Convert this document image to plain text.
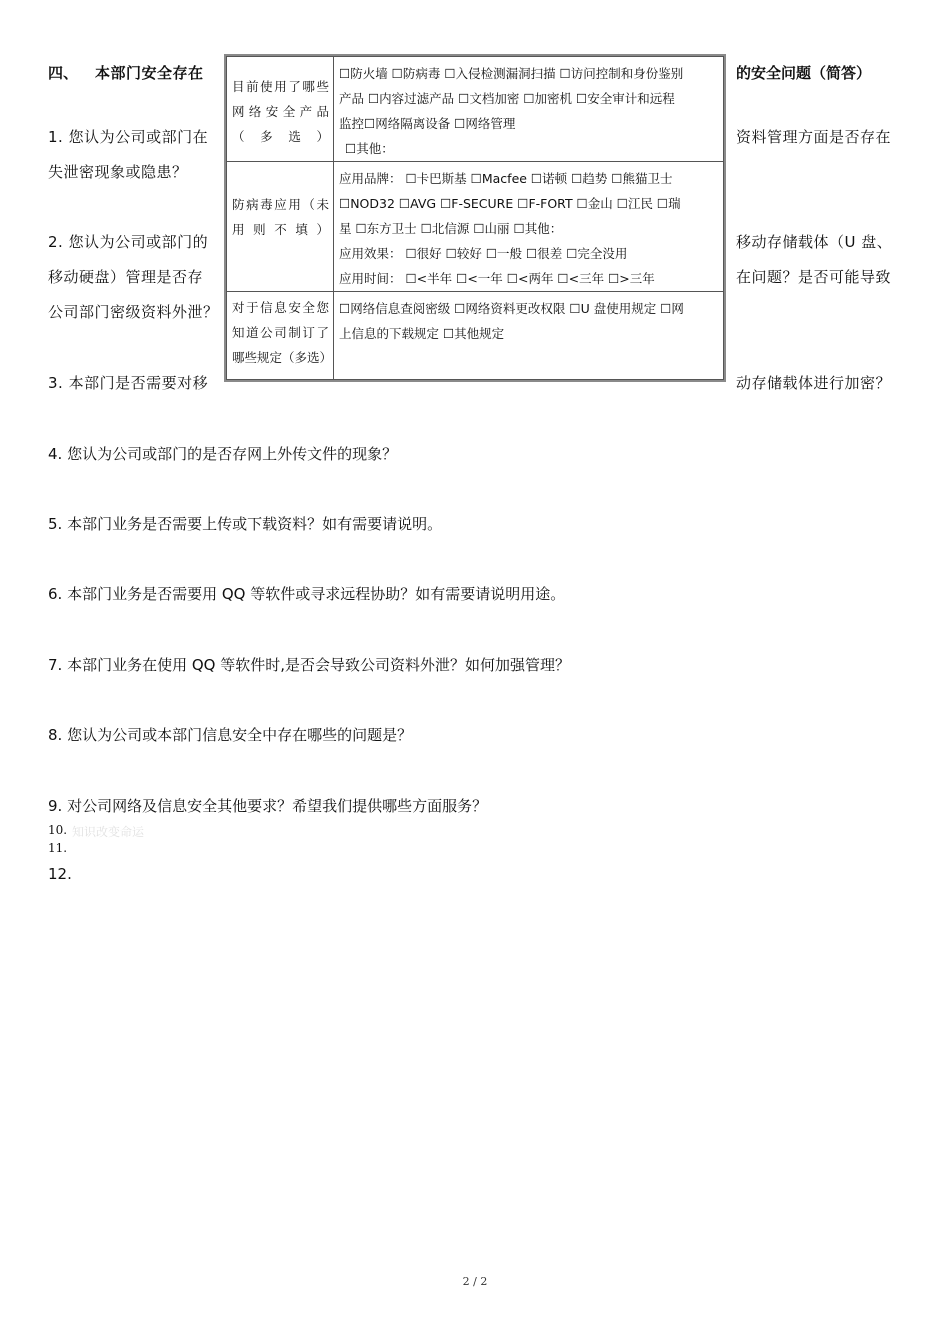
四、 本部门安全存在	的安全问题（简答）
1. 您认为公司或部门在
失泄密现象或隐患？
资料管理方面是否存在
2. 您认为公司或部门的
移动硬盘）管理是否存
公司部门密级资料外泄？
移动存储载体（U 盘、
在问题？是否可能导致
3. 本部门是否需要对移	动存储载体进行加密？
目前使用了哪些网络安全产品（多选）	☐防火墙 ☐防病毒 ☐入侵检测漏洞扫描 ☐访问控制和身份鉴别
产品 ☐内容过滤产品 ☐文档加密 ☐加密机 ☐安全审计和远程
监控☐网络隔离设备 ☐网络管理
☐其他：

防病毒应用（未用则不填）	应用品牌： ☐卡巴斯基 ☐Macfee ☐诺顿 ☐趋势 ☐熊猫卫士
☐NOD32 ☐AVG ☐F-SECURE ☐F-FORT ☐金山 ☐江民 ☐瑞
星 ☐东方卫士 ☐北信源 ☐山丽 ☐其他：
应用效果： ☐很好 ☐较好 ☐一般 ☐很差 ☐完全没用
应用时间： ☐<半年 ☐<一年 ☐<两年 ☐<三年 ☐>三年

对于信息安全您知道公司制订了哪些规定（多选）	☐网络信息查阅密级 ☐网络资料更改权限 ☐U 盘使用规定 ☐网
上信息的下载规定 ☐其他规定
4. 您认为公司或部门的是否存网上外传文件的现象？
5. 本部门业务是否需要上传或下载资料？如有需要请说明。
6. 本部门业务是否需要用 QQ 等软件或寻求远程协助？如有需要请说明用途。
7. 本部门业务在使用 QQ 等软件时,是否会导致公司资料外泄？如何加强管理？
8. 您认为公司或本部门信息安全中存在哪些的问题是？
9. 对公司网络及信息安全其他要求？希望我们提供哪些方面服务？
10. 知识改变命运
11.
12.
2 / 2
